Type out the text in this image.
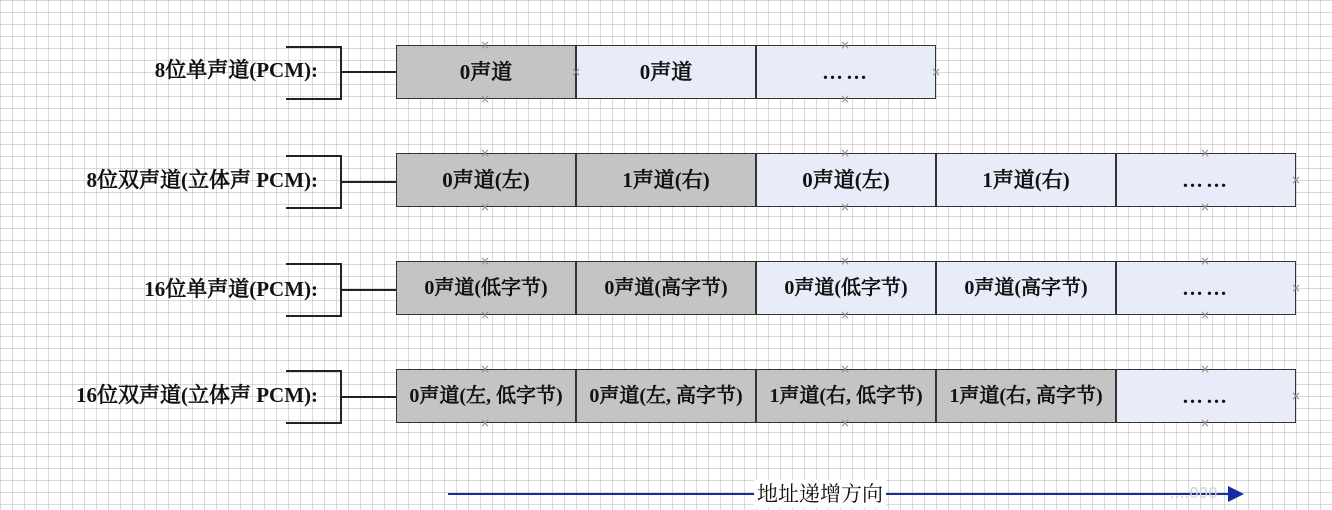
8位单声道(PCM):	0声道	0声道	……
8位双声道(立体声 PCM):	0声道(左)	1声道(右)	0声道(左)	1声道(右)	……
16位单声道(PCM):	0声道(低字节)	0声道(高字节)	0声道(低字节)	0声道(高字节)	……
16位双声道(立体声 PCM):	0声道(左, 低字节)	0声道(左, 高字节)	1声道(右, 低字节)	1声道(右, 高字节)	……
×	×
×	×
×	×
×	×	×
×	×	×
×	×	×
×	×	×
×	×	×
×	×	×
×
×
×
地址递增方向	....000
